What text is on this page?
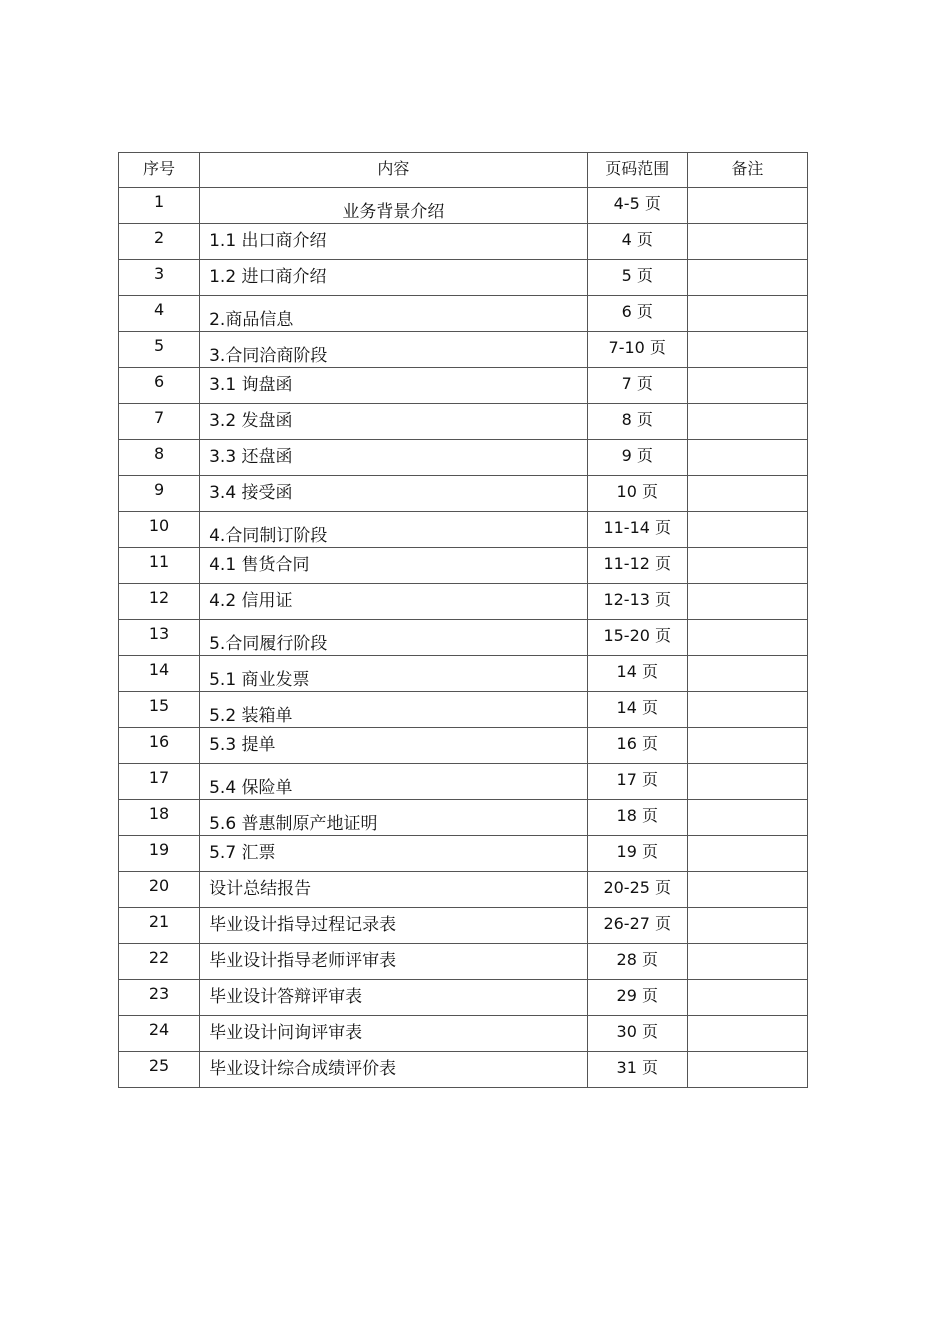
序号	内容	页码范围	备注
1	业务背景介绍	4-5 页	
2	1.1 出口商介绍	4 页	
3	1.2 进口商介绍	5 页	
4	2.商品信息	6 页	
5	3.合同洽商阶段	7-10 页	
6	3.1 询盘函	7 页	
7	3.2 发盘函	8 页	
8	3.3 还盘函	9 页	
9	3.4 接受函	10 页	
10	4.合同制订阶段	11-14 页	
11	4.1 售货合同	11-12 页	
12	4.2 信用证	12-13 页	
13	5.合同履行阶段	15-20 页	
14	5.1 商业发票	14 页	
15	5.2 装箱单	14 页	
16	5.3 提单	16 页	
17	5.4 保险单	17 页	
18	5.6 普惠制原产地证明	18 页	
19	5.7 汇票	19 页	
20	设计总结报告	20-25 页	
21	毕业设计指导过程记录表	26-27 页	
22	毕业设计指导老师评审表	28 页	
23	毕业设计答辩评审表	29 页	
24	毕业设计问询评审表	30 页	
25	毕业设计综合成绩评价表	31 页	
